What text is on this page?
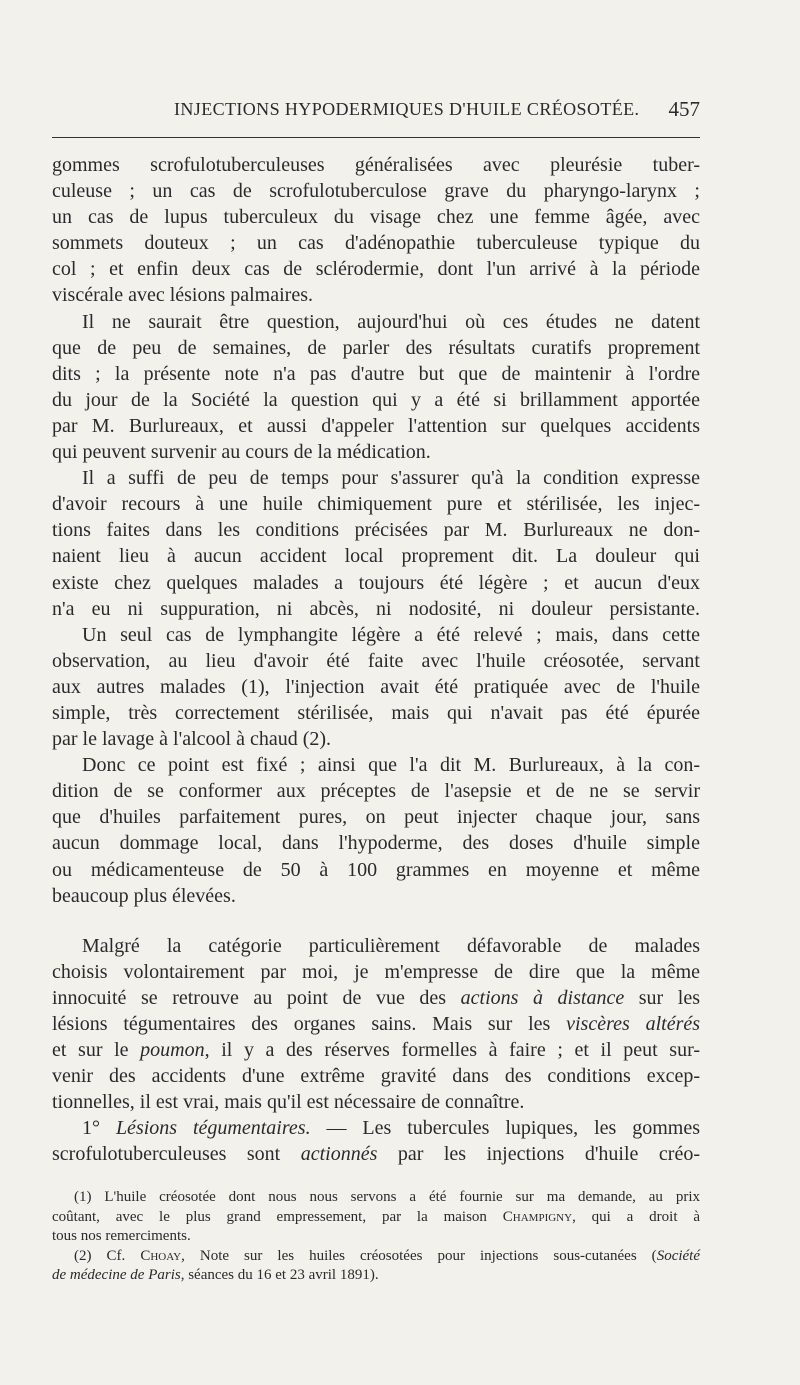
INJECTIONS HYPODERMIQUES D'HUILE CRÉOSOTÉE. 457
gommes scrofulotuberculeuses généralisées avec pleurésie tuber-
culeuse ; un cas de scrofulotuberculose grave du pharyngo-larynx ;
un cas de lupus tuberculeux du visage chez une femme âgée, avec
sommets douteux ; un cas d'adénopathie tuberculeuse typique du
col ; et enfin deux cas de sclérodermie, dont l'un arrivé à la période
viscérale avec lésions palmaires.
Il ne saurait être question, aujourd'hui où ces études ne datent
que de peu de semaines, de parler des résultats curatifs proprement
dits ; la présente note n'a pas d'autre but que de maintenir à l'ordre
du jour de la Société la question qui y a été si brillamment apportée
par M. Burlureaux, et aussi d'appeler l'attention sur quelques accidents
qui peuvent survenir au cours de la médication.
Il a suffi de peu de temps pour s'assurer qu'à la condition expresse
d'avoir recours à une huile chimiquement pure et stérilisée, les injec-
tions faites dans les conditions précisées par M. Burlureaux ne don-
naient lieu à aucun accident local proprement dit. La douleur qui
existe chez quelques malades a toujours été légère ; et aucun d'eux
n'a eu ni suppuration, ni abcès, ni nodosité, ni douleur persistante.
Un seul cas de lymphangite légère a été relevé ; mais, dans cette
observation, au lieu d'avoir été faite avec l'huile créosotée, servant
aux autres malades (1), l'injection avait été pratiquée avec de l'huile
simple, très correctement stérilisée, mais qui n'avait pas été épurée
par le lavage à l'alcool à chaud (2).
Donc ce point est fixé ; ainsi que l'a dit M. Burlureaux, à la con-
dition de se conformer aux préceptes de l'asepsie et de ne se servir
que d'huiles parfaitement pures, on peut injecter chaque jour, sans
aucun dommage local, dans l'hypoderme, des doses d'huile simple
ou médicamenteuse de 50 à 100 grammes en moyenne et même
beaucoup plus élevées.
Malgré la catégorie particulièrement défavorable de malades
choisis volontairement par moi, je m'empresse de dire que la même
innocuité se retrouve au point de vue des actions à distance sur les
lésions tégumentaires des organes sains. Mais sur les viscères altérés
et sur le poumon, il y a des réserves formelles à faire ; et il peut sur-
venir des accidents d'une extrême gravité dans des conditions excep-
tionnelles, il est vrai, mais qu'il est nécessaire de connaître.
1° Lésions tégumentaires. — Les tubercules lupiques, les gommes
scrofulotuberculeuses sont actionnés par les injections d'huile créo-
(1) L'huile créosotée dont nous nous servons a été fournie sur ma demande, au prix
coûtant, avec le plus grand empressement, par la maison Champigny, qui a droit à
tous nos remerciments.
(2) Cf. Choay, Note sur les huiles créosotées pour injections sous-cutanées (Société
de médecine de Paris, séances du 16 et 23 avril 1891).
